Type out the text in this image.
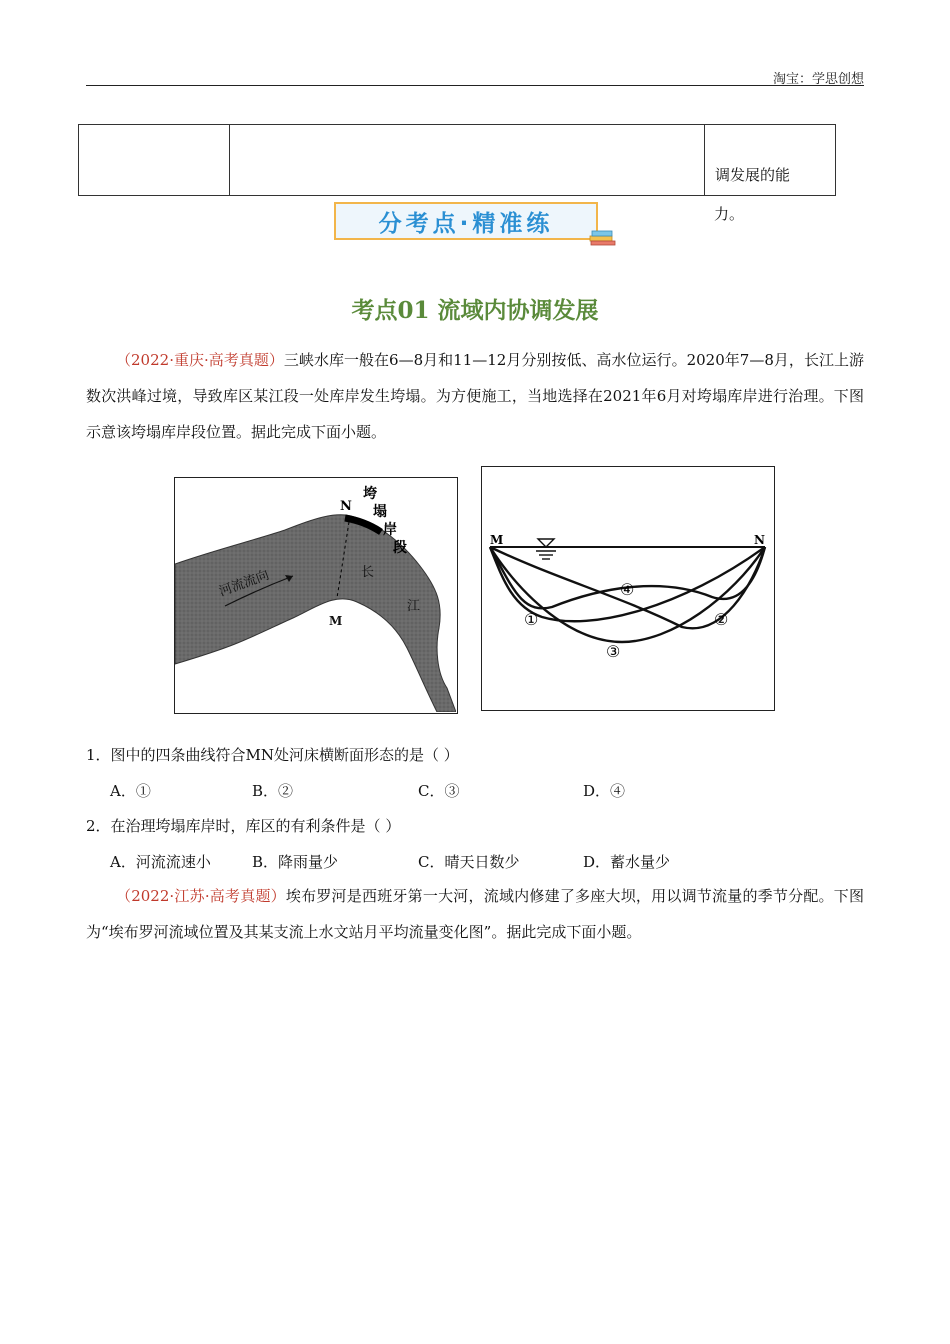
淘宝：学思创想

调发展的能
力。
分考点·精准练
考点01 流域内协调发展
（2022·重庆·高考真题）三峡水库一般在6—8月和11—12月分别按低、高水位运行。2020年7—8月，长江上游数次洪峰过境，导致库区某江段一处库岸发生垮塌。为方便施工，当地选择在2021年6月对垮塌库岸进行治理。下图示意该垮塌库岸段位置。据此完成下面小题。
N
M
垮
塌
岸
段
河流流向	长
江
M	N
①	②
③
④
1．图中的四条曲线符合MN处河床横断面形态的是（ ）
A．①	B．②	C．③	D．④
2．在治理垮塌库岸时，库区的有利条件是（ ）
A．河流流速小	B．降雨量少	C．晴天日数少	D．蓄水量少
（2022·江苏·高考真题）埃布罗河是西班牙第一大河，流域内修建了多座大坝，用以调节流量的季节分配。下图为“埃布罗河流域位置及其某支流上水文站月平均流量变化图”。据此完成下面小题。
